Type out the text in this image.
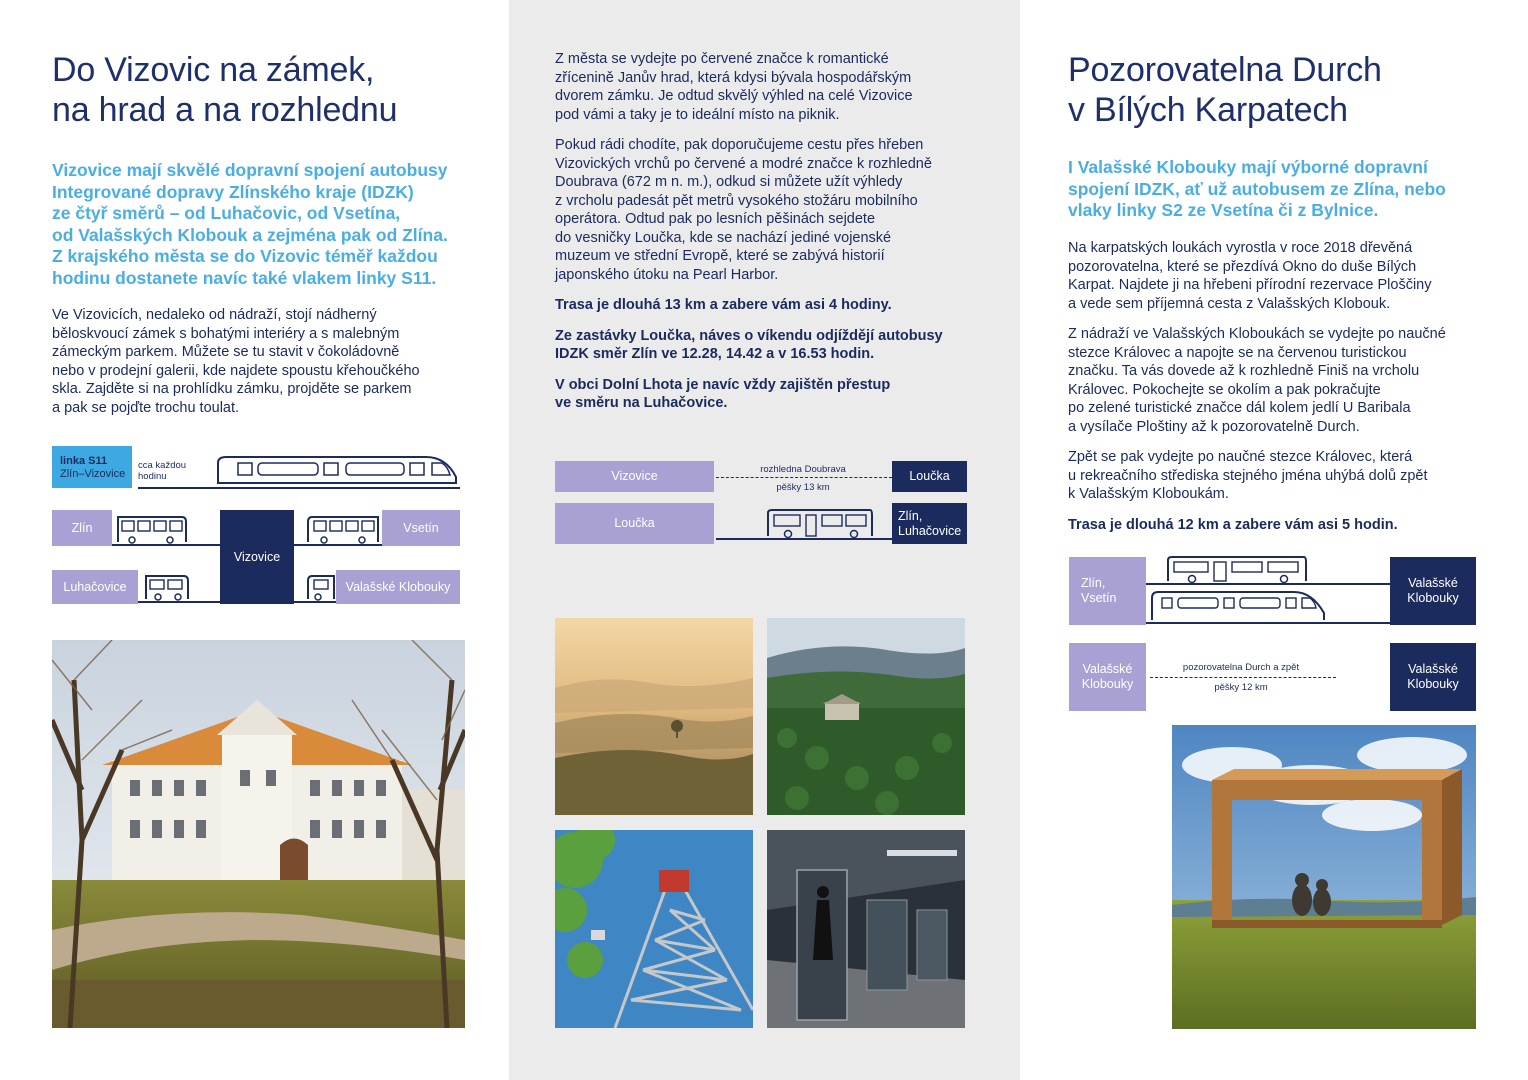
Do Vizovic na zámek,
na hrad a na rozhlednu
Vizovice mají skvělé dopravní spojení autobusy
Integrované dopravy Zlínského kraje (IDZK)
ze čtyř směrů – od Luhačovic, od Vsetína,
od Valašských Klobouk a zejména pak od Zlína.
Z krajského města se do Vizovic téměř každou
hodinu dostanete navíc také vlakem linky S11.
Ve Vizovicích, nedaleko od nádraží, stojí nádherný
běloskvoucí zámek s bohatými interiéry a s malebným
zámeckým parkem. Můžete se tu stavit v čokoládovně
nebo v prodejní galerii, kde najdete spoustu křehoučkého
skla. Zajděte si na prohlídku zámku, projděte se parkem
a pak se pojďte trochu toulat.
linka S11
Zlín–Vizovice
cca každou
hodinu
Zlín
Vizovice
Vsetín
Luhačovice	Valašské Klobouky

Z města se vydejte po červené značce k romantické
zřícenině Janův hrad, která kdysi bývala hospodářským
dvorem zámku. Je odtud skvělý výhled na celé Vizovice
pod vámi a taky je to ideální místo na piknik.

Pokud rádi chodíte, pak doporučujeme cestu přes hřeben
Vizovických vrchů po červené a modré značce k rozhledně
Doubrava (672 m n. m.), odkud si můžete užít výhledy
z vrcholu padesát pět metrů vysokého stožáru mobilního
operátora. Odtud pak po lesních pěšinách sejdete
do vesničky Loučka, kde se nachází jediné vojenské
muzeum ve střední Evropě, které se zabývá historií
japonského útoku na Pearl Harbor.

Trasa je dlouhá 13 km a zabere vám asi 4 hodiny.

Ze zastávky Loučka, náves o víkendu odjíždějí autobusy
IDZK směr Zlín ve 12.28, 14.42 a v 16.53 hodin.

V obci Dolní Lhota je navíc vždy zajištěn přestup
ve směru na Luhačovice.

Vizovice	rozhledna Doubrava
pěšky 13 km
Loučka
Loučka
Zlín,
Luhačovice
Pozorovatelna Durch
v Bílých Karpatech
I Valašské Klobouky mají výborné dopravní
spojení IDZK, ať už autobusem ze Zlína, nebo
vlaky linky S2 ze Vsetína či z Bylnice.

Na karpatských loukách vyrostla v roce 2018 dřevěná
pozorovatelna, které se přezdívá Okno do duše Bílých
Karpat. Najdete ji na hřebeni přírodní rezervace Ploščiny
a vede sem příjemná cesta z Valašských Klobouk.

Z nádraží ve Valašských Kloboukách se vydejte po naučné
stezce Královec a napojte se na červenou turistickou
značku. Ta vás dovede až k rozhledně Finiš na vrcholu
Královec. Pokochejte se okolím a pak pokračujte
po zelené turistické značce dál kolem jedlí U Baribala
a vysílače Ploštiny až k pozorovatelně Durch.

Zpět se pak vydejte po naučné stezce Královec, která
u rekreačního střediska stejného jména uhýbá dolů zpět
k Valašským Kloboukám.

Trasa je dlouhá 12 km a zabere vám asi 5 hodin.

Zlín,
Vsetín
Valašské
Klobouky
Valašské
Klobouky
pozorovatelna Durch a zpět
pěšky 12 km
Valašské
Klobouky
